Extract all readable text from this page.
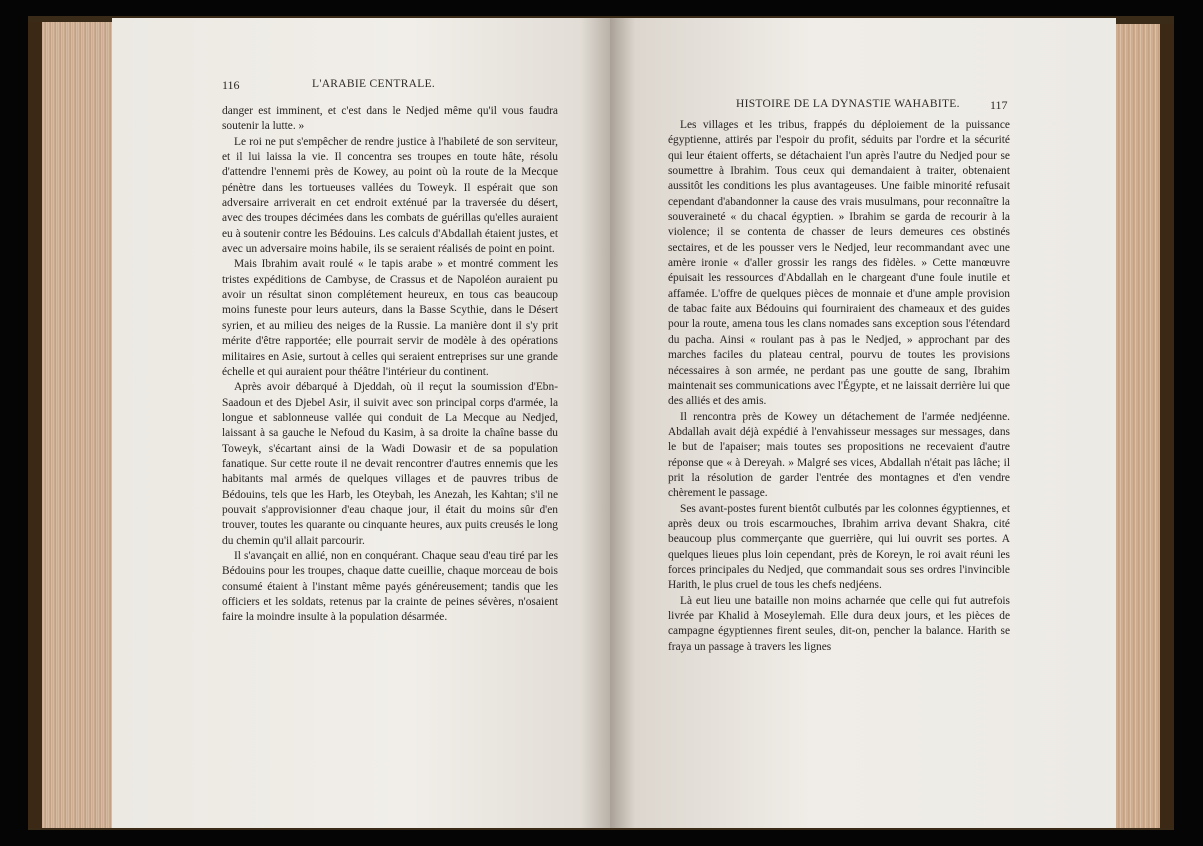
116	L'ARABIE CENTRALE.

danger est imminent, et c'est dans le Nedjed même qu'il vous faudra soutenir la lutte. »

Le roi ne put s'empêcher de rendre justice à l'habileté de son serviteur, et il lui laissa la vie. Il concentra ses troupes en toute hâte, résolu d'attendre l'ennemi près de Kowey, au point où la route de la Mecque pénètre dans les tortueuses vallées du Toweyk. Il espérait que son adversaire arriverait en cet endroit exténué par la traversée du désert, avec des troupes décimées dans les combats de guérillas qu'elles auraient eu à soutenir contre les Bédouins. Les calculs d'Abdallah étaient justes, et avec un adversaire moins habile, ils se seraient réalisés de point en point.

Mais Ibrahim avait roulé « le tapis arabe » et montré comment les tristes expéditions de Cambyse, de Crassus et de Napoléon auraient pu avoir un résultat sinon complétement heureux, en tous cas beaucoup moins funeste pour leurs auteurs, dans la Basse Scythie, dans le Désert syrien, et au milieu des neiges de la Russie. La manière dont il s'y prit mérite d'être rapportée; elle pourrait servir de modèle à des opérations militaires en Asie, surtout à celles qui seraient entreprises sur une grande échelle et qui auraient pour théâtre l'intérieur du continent.

Après avoir débarqué à Djeddah, où il reçut la soumission d'Ebn-Saadoun et des Djebel Asir, il suivit avec son principal corps d'armée, la longue et sablonneuse vallée qui conduit de La Mecque au Nedjed, laissant à sa gauche le Nefoud du Kasim, à sa droite la chaîne basse du Toweyk, s'écartant ainsi de la Wadi Dowasir et de sa population fanatique. Sur cette route il ne devait rencontrer d'autres ennemis que les habitants mal armés de quelques villages et de pauvres tribus de Bédouins, tels que les Harb, les Oteybah, les Anezah, les Kahtan; s'il ne pouvait s'approvisionner d'eau chaque jour, il était du moins sûr d'en trouver, toutes les quarante ou cinquante heures, aux puits creusés le long du chemin qu'il allait parcourir.

Il s'avançait en allié, non en conquérant. Chaque seau d'eau tiré par les Bédouins pour les troupes, chaque datte cueillie, chaque morceau de bois consumé étaient à l'instant même payés généreusement; tandis que les officiers et les soldats, retenus par la crainte de peines sévères, n'osaient faire la moindre insulte à la population désarmée.

HISTOIRE DE LA DYNASTIE WAHABITE.	117

Les villages et les tribus, frappés du déploiement de la puissance égyptienne, attirés par l'espoir du profit, séduits par l'ordre et la sécurité qui leur étaient offerts, se détachaient l'un après l'autre du Nedjed pour se soumettre à Ibrahim. Tous ceux qui demandaient à traiter, obtenaient aussitôt les conditions les plus avantageuses. Une faible minorité refusait cependant d'abandonner la cause des vrais musulmans, pour reconnaître la souveraineté « du chacal égyptien. » Ibrahim se garda de recourir à la violence; il se contenta de chasser de leurs demeures ces obstinés sectaires, et de les pousser vers le Nedjed, leur recommandant avec une amère ironie « d'aller grossir les rangs des fidèles. » Cette manœuvre épuisait les ressources d'Abdallah en le chargeant d'une foule inutile et affamée. L'offre de quelques pièces de monnaie et d'une ample provision de tabac faite aux Bédouins qui fourniraient des chameaux et des guides pour la route, amena tous les clans nomades sans exception sous l'étendard du pacha. Ainsi « roulant pas à pas le Nedjed, » approchant par des marches faciles du plateau central, pourvu de toutes les provisions nécessaires à son armée, ne perdant pas une goutte de sang, Ibrahim maintenait ses communications avec l'Égypte, et ne laissait derrière lui que des alliés et des amis.

Il rencontra près de Kowey un détachement de l'armée nedjéenne. Abdallah avait déjà expédié à l'envahisseur messages sur messages, dans le but de l'apaiser; mais toutes ses propositions ne recevaient d'autre réponse que « à Dereyah. » Malgré ses vices, Abdallah n'était pas lâche; il prit la résolution de garder l'entrée des montagnes et d'en vendre chèrement le passage.

Ses avant-postes furent bientôt culbutés par les colonnes égyptiennes, et après deux ou trois escarmouches, Ibrahim arriva devant Shakra, cité beaucoup plus commerçante que guerrière, qui lui ouvrit ses portes. A quelques lieues plus loin cependant, près de Koreyn, le roi avait réuni les forces principales du Nedjed, que commandait sous ses ordres l'invincible Harith, le plus cruel de tous les chefs nedjéens.

Là eut lieu une bataille non moins acharnée que celle qui fut autrefois livrée par Khalid à Moseylemah. Elle dura deux jours, et les pièces de campagne égyptiennes firent seules, dit-on, pencher la balance. Harith se fraya un passage à travers les lignes
